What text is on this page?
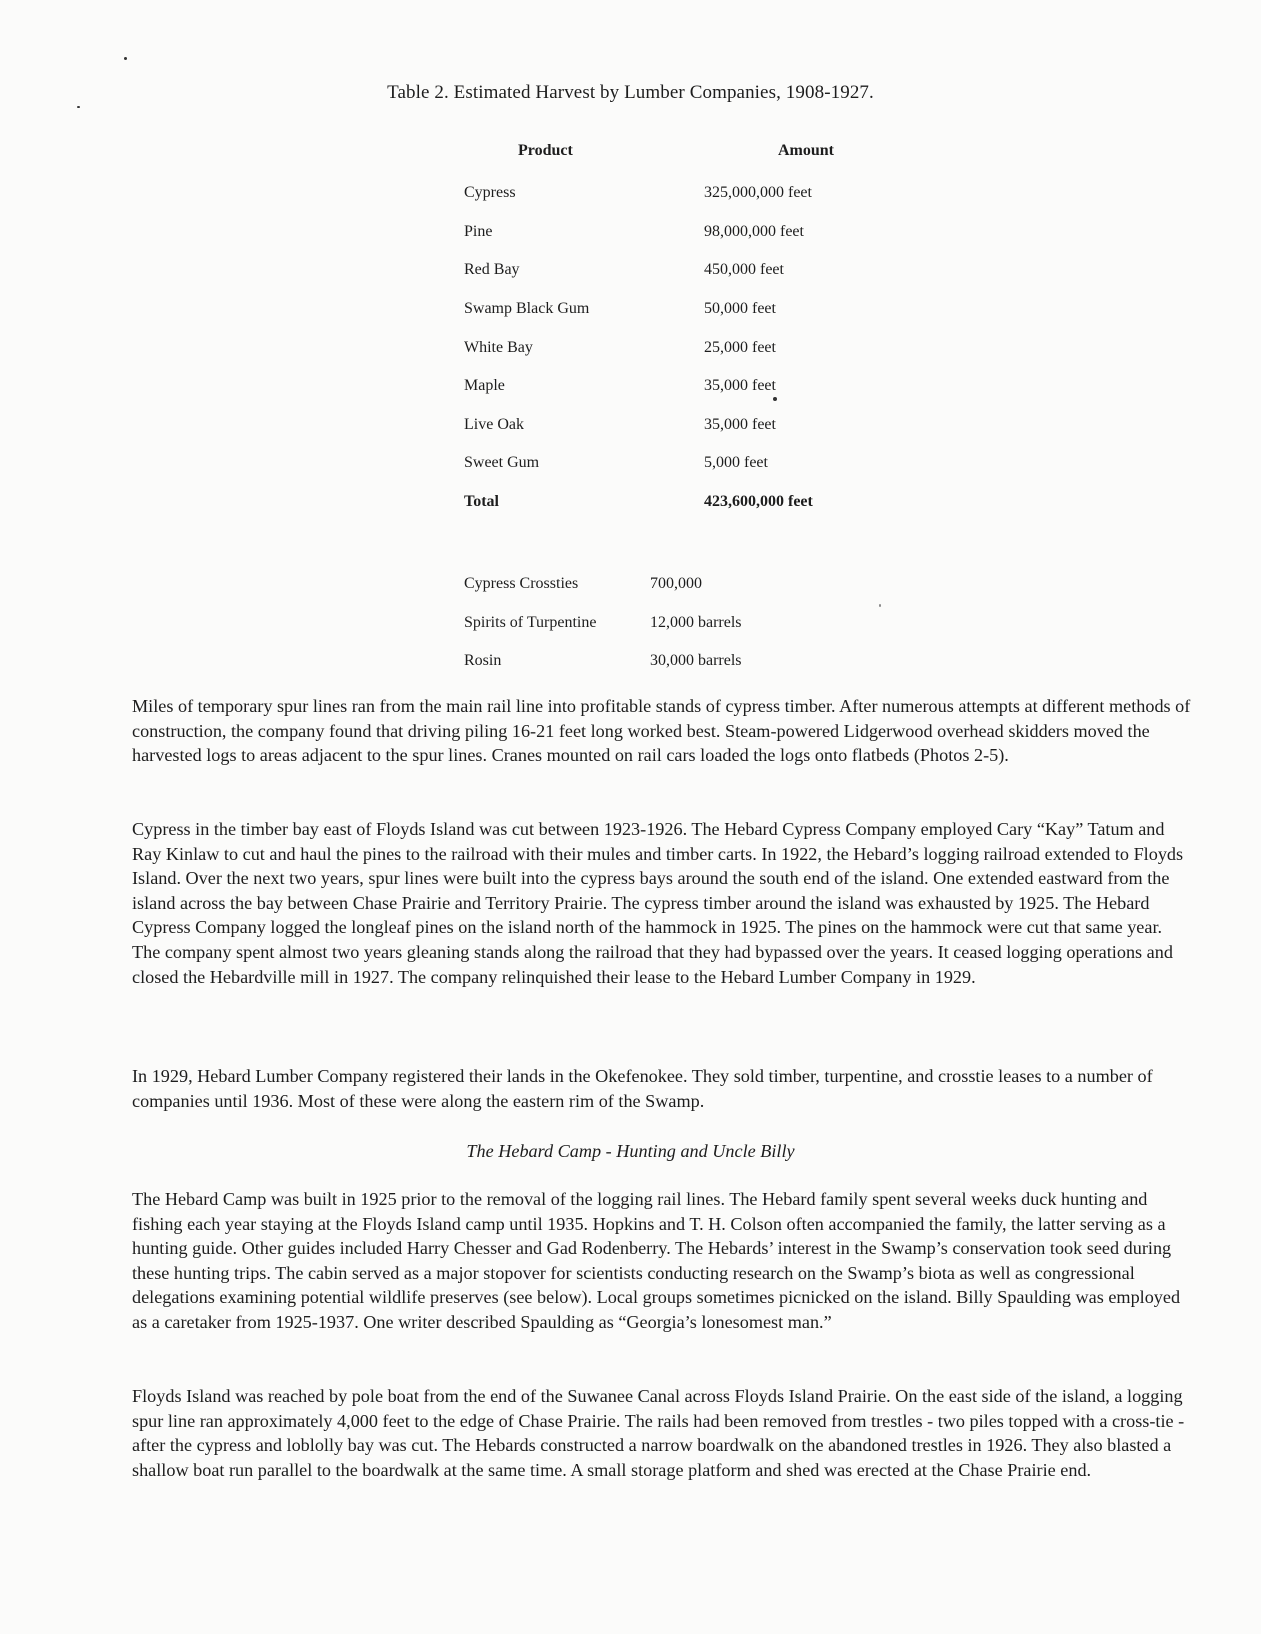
Table 2. Estimated Harvest by Lumber Companies, 1908-1927.
Product	Amount
Cypress	325,000,000 feet
Pine	98,000,000 feet
Red Bay	450,000 feet
Swamp Black Gum	50,000 feet
White Bay	25,000 feet
Maple	35,000 feet
Live Oak	35,000 feet
Sweet Gum	5,000 feet
Total	423,600,000 feet
Cypress Crossties	700,000
Spirits of Turpentine	12,000 barrels
Rosin	30,000 barrels

Miles of temporary spur lines ran from the main rail line into profitable stands of cypress timber. After numerous attempts at different methods of construction, the company found that driving piling 16-21 feet long worked best. Steam-powered Lidgerwood overhead skidders moved the harvested logs to areas adjacent to the spur lines. Cranes mounted on rail cars loaded the logs onto flatbeds (Photos 2-5).

Cypress in the timber bay east of Floyds Island was cut between 1923-1926. The Hebard Cypress Company employed Cary “Kay” Tatum and Ray Kinlaw to cut and haul the pines to the railroad with their mules and timber carts. In 1922, the Hebard’s logging railroad extended to Floyds Island. Over the next two years, spur lines were built into the cypress bays around the south end of the island. One extended eastward from the island across the bay between Chase Prairie and Territory Prairie. The cypress timber around the island was exhausted by 1925. The Hebard Cypress Company logged the longleaf pines on the island north of the hammock in 1925. The pines on the hammock were cut that same year. The company spent almost two years gleaning stands along the railroad that they had bypassed over the years. It ceased logging operations and closed the Hebardville mill in 1927. The company relinquished their lease to the Hebard Lumber Company in 1929.

In 1929, Hebard Lumber Company registered their lands in the Okefenokee. They sold timber, turpentine, and crosstie leases to a number of companies until 1936. Most of these were along the eastern rim of the Swamp.

The Hebard Camp - Hunting and Uncle Billy

The Hebard Camp was built in 1925 prior to the removal of the logging rail lines. The Hebard family spent several weeks duck hunting and fishing each year staying at the Floyds Island camp until 1935. Hopkins and T. H. Colson often accompanied the family, the latter serving as a hunting guide. Other guides included Harry Chesser and Gad Rodenberry. The Hebards’ interest in the Swamp’s conservation took seed during these hunting trips. The cabin served as a major stopover for scientists conducting research on the Swamp’s biota as well as congressional delegations examining potential wildlife preserves (see below). Local groups sometimes picnicked on the island. Billy Spaulding was employed as a caretaker from 1925-1937. One writer described Spaulding as “Georgia’s lonesomest man.”

Floyds Island was reached by pole boat from the end of the Suwanee Canal across Floyds Island Prairie. On the east side of the island, a logging spur line ran approximately 4,000 feet to the edge of Chase Prairie. The rails had been removed from trestles - two piles topped with a cross-tie - after the cypress and loblolly bay was cut. The Hebards constructed a narrow boardwalk on the abandoned trestles in 1926. They also blasted a shallow boat run parallel to the boardwalk at the same time. A small storage platform and shed was erected at the Chase Prairie end.
